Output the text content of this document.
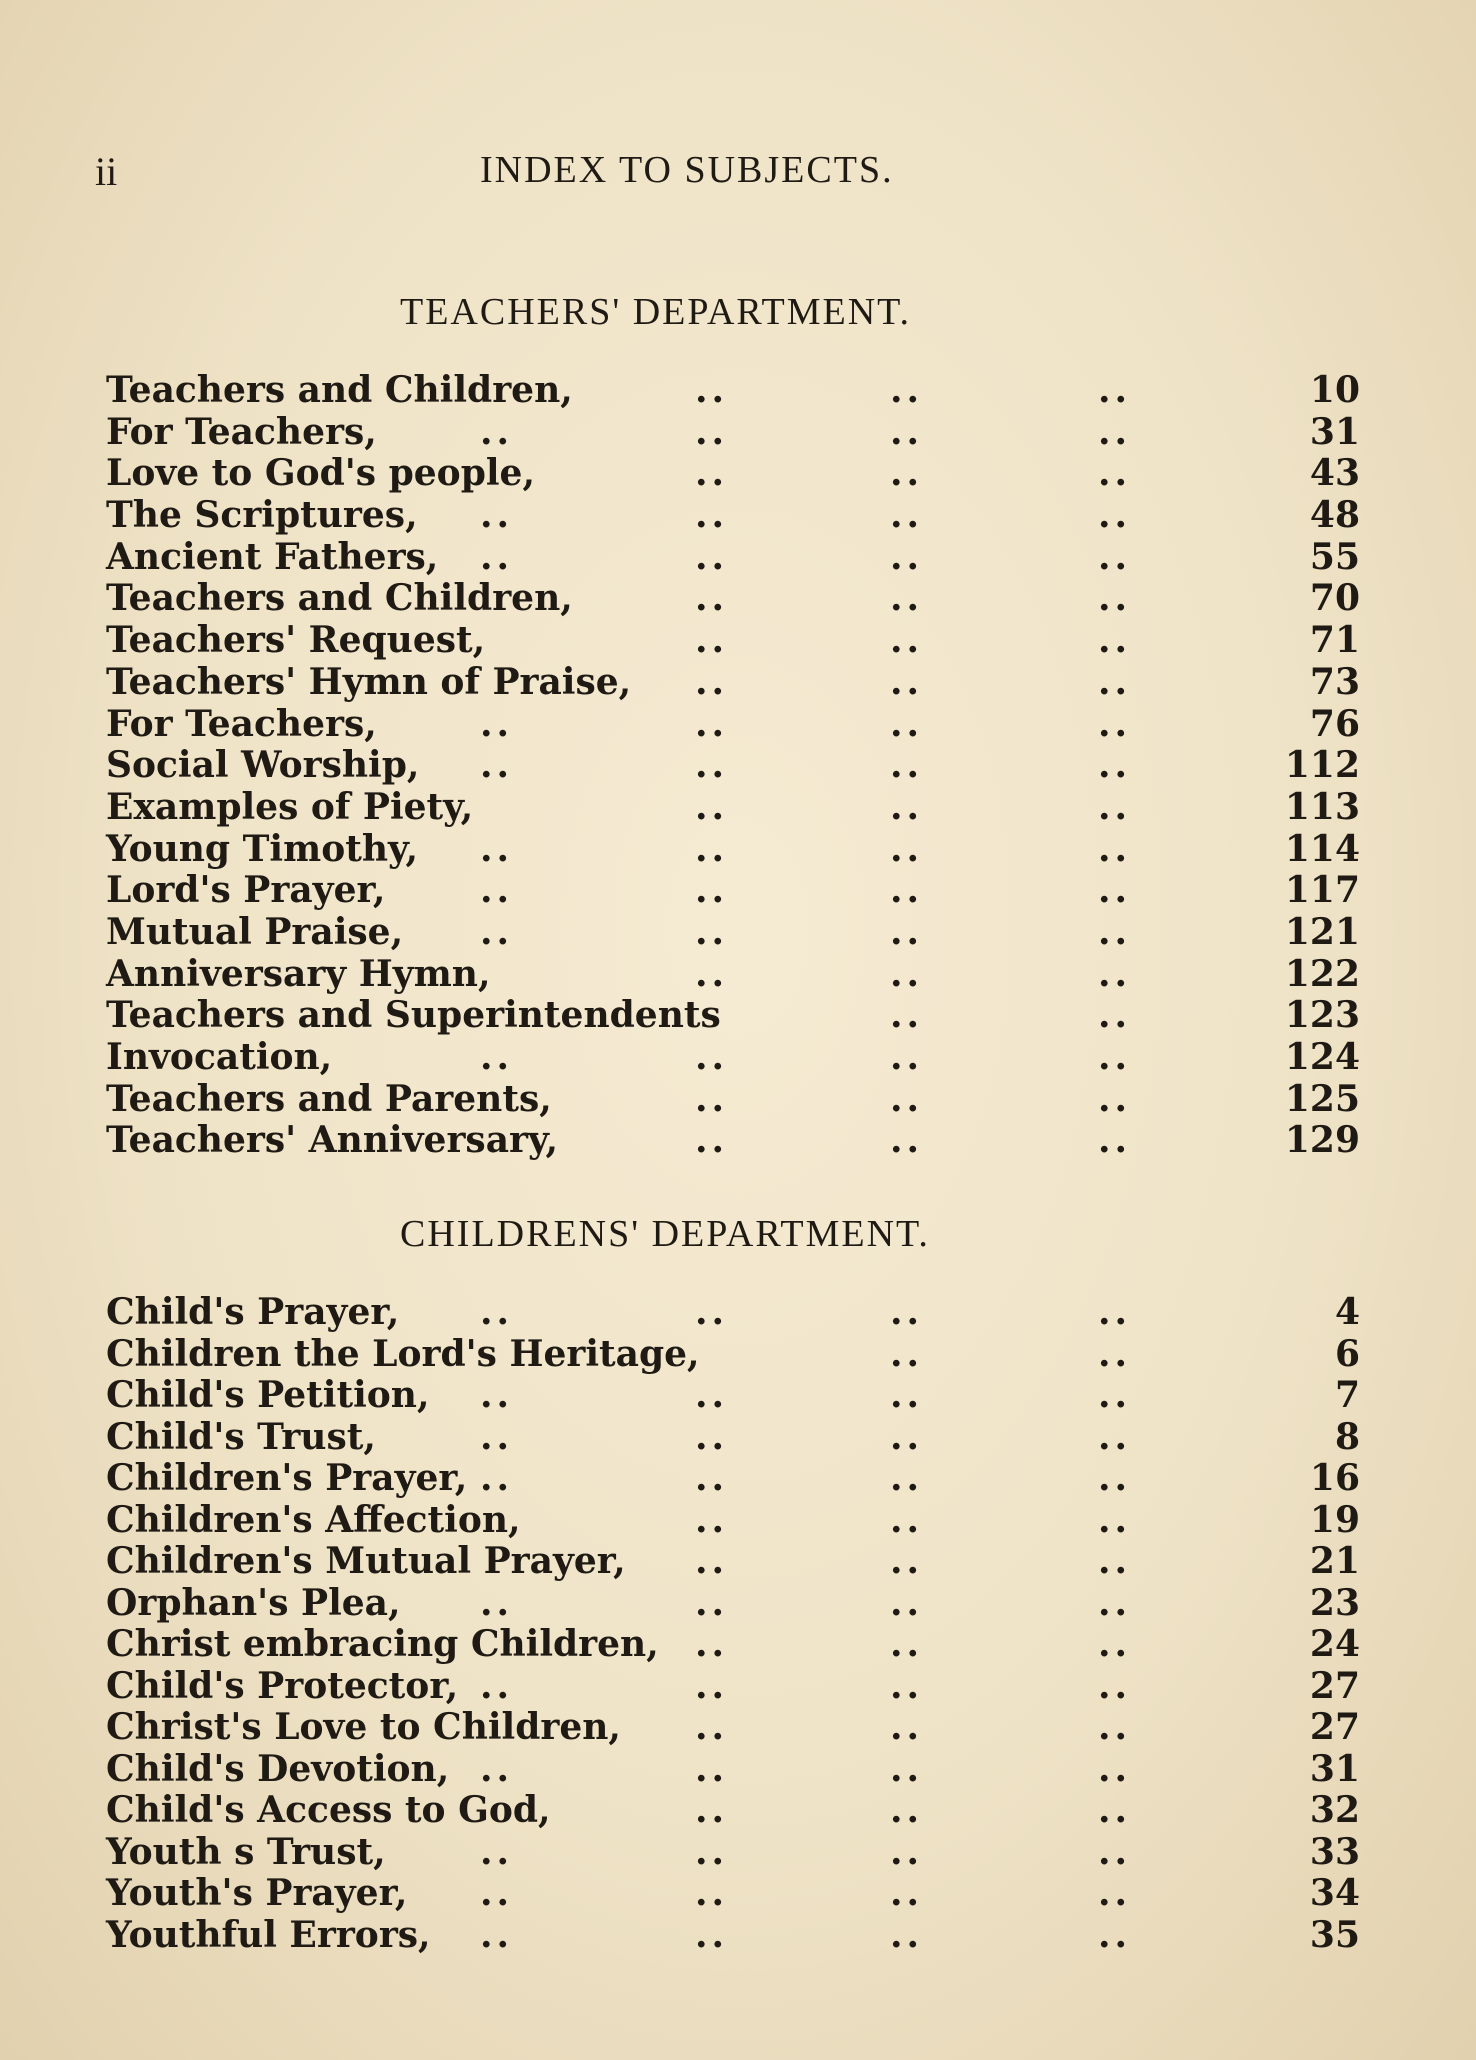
ii	INDEX TO SUBJECTS.
TEACHERS' DEPARTMENT.
Teachers and Children,	..	..	..	10
For Teachers,	..	..	..	..	31
Love to God's people,	..	..	..	43
The Scriptures, ..	..	..	..	48
Ancient Fathers, ..	..	..	..	55
Teachers and Children,	..	..	..	70
Teachers' Request,	..	..	..	71
Teachers' Hymn of Praise, ..	..	..	73
For Teachers,	..	..	..	..	76
Social Worship, ..	..	..	..	112
Examples of Piety,	..	..	..	113
Young Timothy, ..	..	..	..	114
Lord's Prayer,	..	..	..	..	117
Mutual Praise, ..	..	..	..	121
Anniversary Hymn,	..	..	..	122
Teachers and Superintendents	..	..	123
Invocation,	..	..	..	..	124
Teachers and Parents,	..	..	..	125
Teachers' Anniversary,	..	..	..	129
CHILDRENS' DEPARTMENT.
Child's Prayer, ..	..	..	..	4
Children the Lord's Heritage,	..	..	6
Child's Petition, ..	..	..	..	7
Child's Trust,	..	..	..	..	8
Children's Prayer, ..	..	..	..	16
Children's Affection,	..	..	..	19
Children's Mutual Prayer, ..	..	..	21
Orphan's Plea, ..	..	..	..	23
Christ embracing Children, ..	..	..	24
Child's Protector, ..	..	..	..	27
Christ's Love to Children, ..	..	..	27
Child's Devotion, ..	..	..	..	31
Child's Access to God,	..	..	..	32
Youth s Trust,	..	..	..	..	33
Youth's Prayer, ..	..	..	..	34
Youthful Errors, ..	..	..	..	35
